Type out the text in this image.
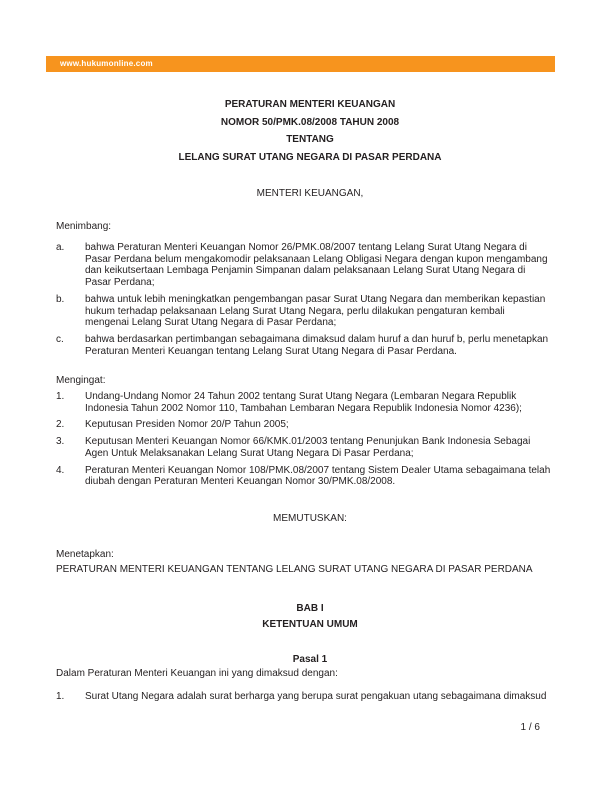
www.hukumonline.com
PERATURAN MENTERI KEUANGAN
NOMOR 50/PMK.08/2008 TAHUN 2008
TENTANG
LELANG SURAT UTANG NEGARA DI PASAR PERDANA
MENTERI KEUANGAN,
Menimbang:
a.	bahwa Peraturan Menteri Keuangan Nomor 26/PMK.08/2007 tentang Lelang Surat Utang Negara di Pasar Perdana belum mengakomodir pelaksanaan Lelang Obligasi Negara dengan kupon mengambang dan keikutsertaan Lembaga Penjamin Simpanan dalam pelaksanaan Lelang Surat Utang Negara di Pasar Perdana;
b.	bahwa untuk lebih meningkatkan pengembangan pasar Surat Utang Negara dan memberikan kepastian hukum terhadap pelaksanaan Lelang Surat Utang Negara, perlu dilakukan pengaturan kembali mengenai Lelang Surat Utang Negara di Pasar Perdana;
c.	bahwa berdasarkan pertimbangan sebagaimana dimaksud dalam huruf a dan huruf b, perlu menetapkan Peraturan Menteri Keuangan tentang Lelang Surat Utang Negara di Pasar Perdana.
Mengingat:
1.	Undang-Undang Nomor 24 Tahun 2002 tentang Surat Utang Negara (Lembaran Negara Republik Indonesia Tahun 2002 Nomor 110, Tambahan Lembaran Negara Republik Indonesia Nomor 4236);
2.	Keputusan Presiden Nomor 20/P Tahun 2005;
3.	Keputusan Menteri Keuangan Nomor 66/KMK.01/2003 tentang Penunjukan Bank Indonesia Sebagai Agen Untuk Melaksanakan Lelang Surat Utang Negara Di Pasar Perdana;
4.	Peraturan Menteri Keuangan Nomor 108/PMK.08/2007 tentang Sistem Dealer Utama sebagaimana telah diubah dengan Peraturan Menteri Keuangan Nomor 30/PMK.08/2008.
MEMUTUSKAN:
Menetapkan:
PERATURAN MENTERI KEUANGAN TENTANG LELANG SURAT UTANG NEGARA DI PASAR PERDANA
BAB I
KETENTUAN UMUM
Pasal 1
Dalam Peraturan Menteri Keuangan ini yang dimaksud dengan:
1.	Surat Utang Negara adalah surat berharga yang berupa surat pengakuan utang sebagaimana dimaksud
1 / 6
